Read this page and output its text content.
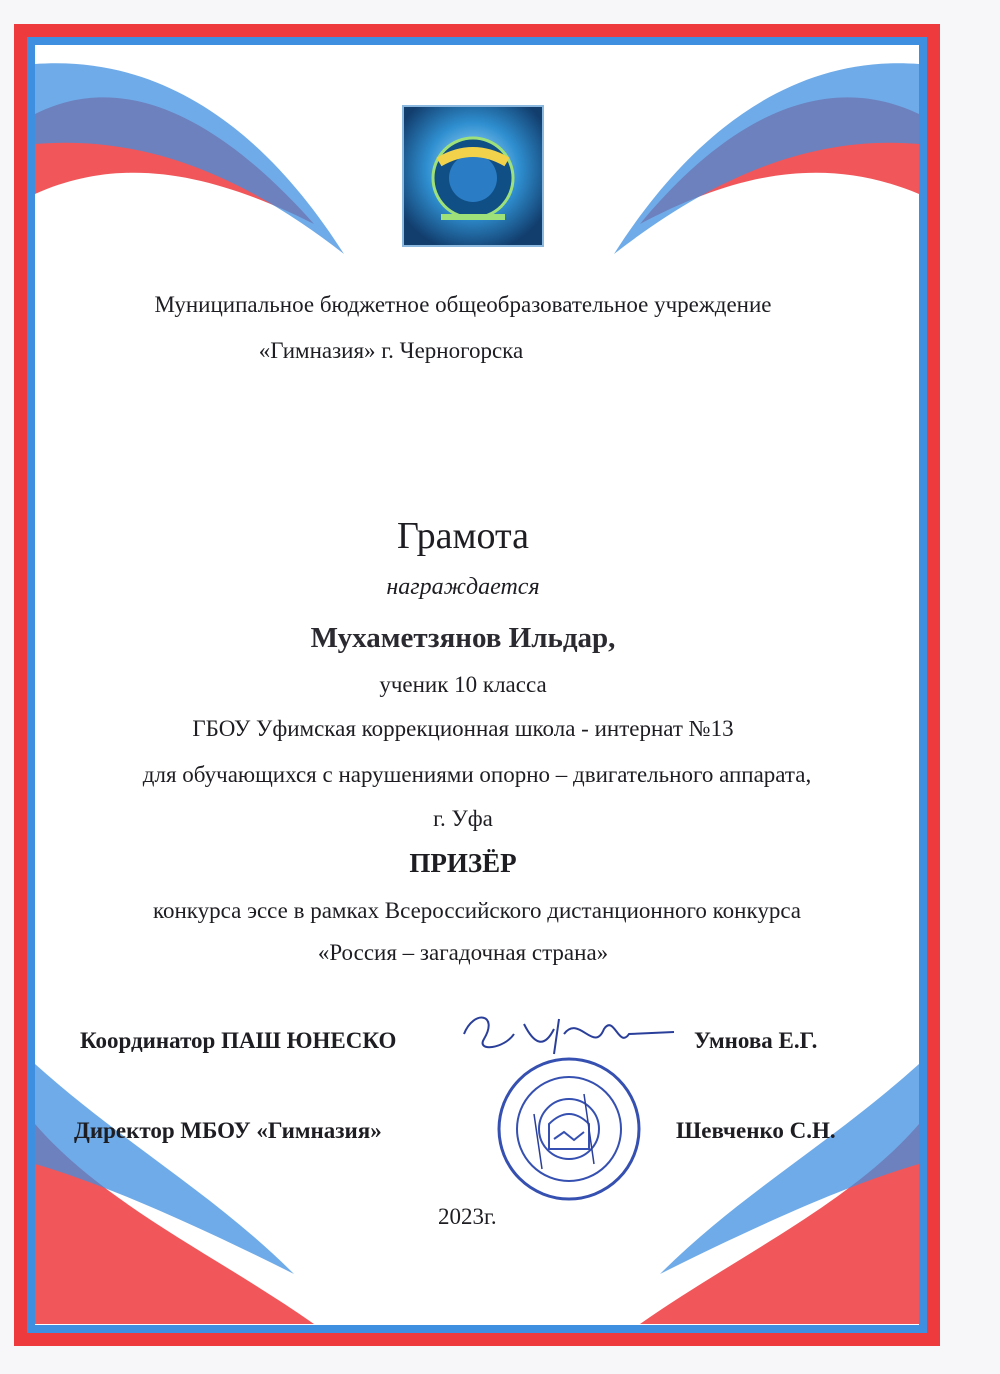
Муниципальное бюджетное общеобразовательное учреждение
«Гимназия» г. Черногорска
Грамота
награждается
Мухаметзянов Ильдар,
ученик 10 класса
ГБОУ Уфимская коррекционная школа - интернат №13
для обучающихся с нарушениями опорно – двигательного аппарата,
г. Уфа
ПРИЗЁР
конкурса эссе в рамках Всероссийского дистанционного конкурса
«Россия – загадочная страна»
Координатор ПАШ ЮНЕСКО	Умнова Е.Г.
Директор МБОУ «Гимназия»	Шевченко С.Н.
2023г.
